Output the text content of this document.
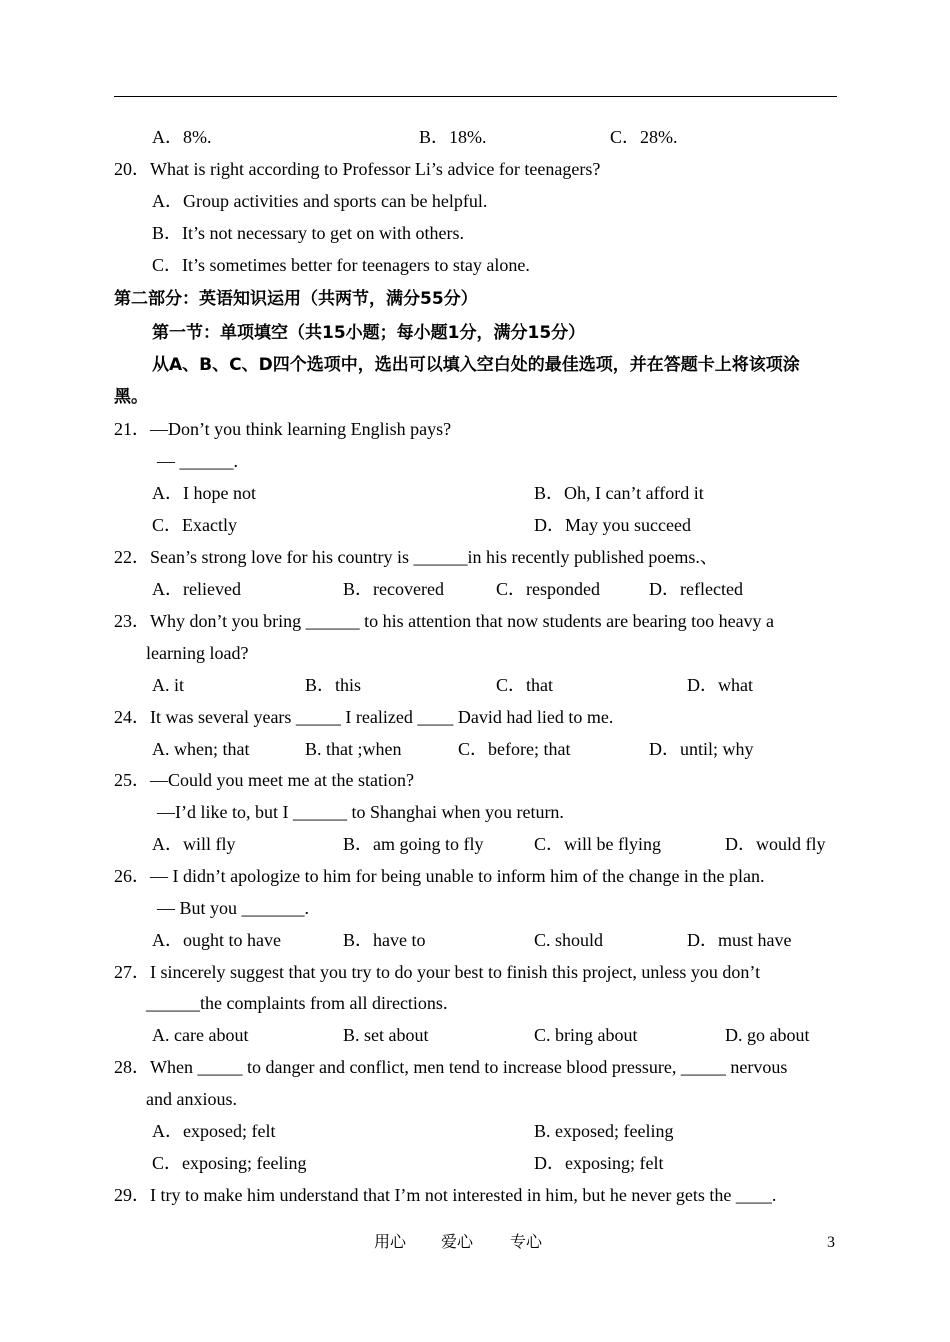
A．8%.	B．18%.	C．28%.
20．What is right according to Professor Li’s advice for teenagers?
A．Group activities and sports can be helpful.
B．It’s not necessary to get on with others.
C．It’s sometimes better for teenagers to stay alone.
第二部分：英语知识运用（共两节，满分55分）
第一节：单项填空（共15小题；每小题1分，满分15分）
从A、B、C、D四个选项中，选出可以填入空白处的最佳选项，并在答题卡上将该项涂
黑。
21．—Don’t you think learning English pays?
— ______.
A．I hope not	B．Oh, I can’t afford it
C．Exactly	D．May you succeed
22．Sean’s strong love for his country is ______in his recently published poems.、
A．relieved	B．recovered	C．responded	D．reflected
23．Why don’t you bring ______ to his attention that now students are bearing too heavy a
learning load?
A. it	B．this	C．that	D．what
24．It was several years _____ I realized ____ David had lied to me.
A. when; that	B. that ;when	C．before; that	D．until; why
25．—Could you meet me at the station?
—I’d like to, but I ______ to Shanghai when you return.
A．will fly	B．am going to fly	C．will be flying	D．would fly
26．— I didn’t apologize to him for being unable to inform him of the change in the plan.
— But you _______.
A．ought to have	B．have to	C. should	D．must have
27．I sincerely suggest that you try to do your best to finish this project, unless you don’t
______the complaints from all directions.
A. care about	B. set about	C. bring about	D. go about
28．When _____ to danger and conflict, men tend to increase blood pressure, _____ nervous
and anxious.
A．exposed; felt	B. exposed; feeling
C．exposing; feeling	D．exposing; felt
29．I try to make him understand that I’m not interested in him, but he never gets the ____.
用心 爱心 专心	3
